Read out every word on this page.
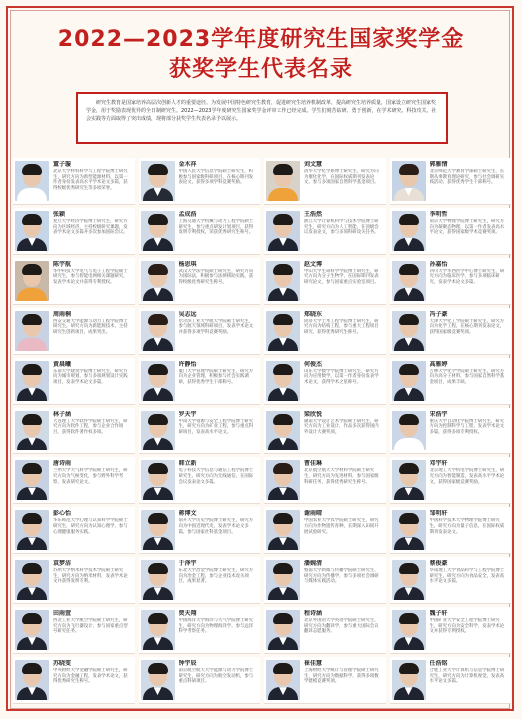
2022—2023学年度研究生国家奖学金
获奖学生代表名录

研究生教育是国家培养高层次创新人才的重要途径。为发展中国特色研究生教育，促进研究生培养机制改革，提高研究生培养质量，国家设立研究生国家奖学金，用于奖励表现优异的全日制研究生。2022—2023学年度研究生国家奖学金评审工作已经完成。学生们刻苦钻研、勇于创新，在学术研究、科技攻关、社会实践等方面取得了突出成绩，现将部分获奖学生代表名录予以展示。

董子璇
北京大学材料科学与工程学院博士研究生，研究方向为新型能源材料，以第一作者身份发表高水平学术论文多篇，获得校级优秀研究生等多项荣誉。
金木祥
中国人民大学信息学院硕士研究生，积极参与国家级科研项目，在核心期刊发表论文，获得多项学科竞赛奖励。
刘文慧
清华大学化学系博士研究生，研究方向为催化化学，在国际权威期刊发表论文，参与多项国家自然科学基金项目。
郭雅情
北京师范大学教育学部硕士研究生，长期从事教育理论研究，参与社会调研实践活动，获得优秀学生干部称号。
张颖
复旦大学经济学院博士研究生，研究方向为区域经济，主持校级研究课题，发表学术论文多篇并多次参加国际会议。
孟成浩
上海交通大学机械与动力工程学院硕士研究生，参与重点研发计划项目，获得发明专利授权，荣获优秀研究生称号。
王浩然
浙江大学计算机科学与技术学院博士研究生，研究方向为人工智能，在顶级会议发表论文，参与多项科研攻关任务。
李明哲
南京大学物理学院博士研究生，研究方向为凝聚态物理，以第一作者发表高水平论文，获得国家级学术竞赛奖项。
陈宇航
华中科技大学电气与电子工程学院硕士研究生，参与智能电网相关课题研究，发表学术论文并获得专利授权。
杨思琪
武汉大学法学院硕士研究生，研究方向为国际法，积极参与法律援助实践，获得校级优秀研究生称号。
赵文博
中山大学生命科学学院博士研究生，研究方向为分子生物学，在国际期刊发表研究论文，参与国家重点实验室项目。
孙嘉怡
四川大学华西医学中心博士研究生，研究方向为临床医学，参与多项临床研究，发表学术论文多篇。
周雨桐
西安交通大学能源与动力工程学院博士研究生，研究方向为新能源技术，主持研究生创新项目，成果突出。
吴志远
哈尔滨工业大学航天学院硕士研究生，参与航天领域科研项目，发表学术论文并获得多项学科竞赛奖励。
郑晓东
同济大学土木工程学院博士研究生，研究方向为结构工程，参与重大工程项目研究，获得优秀研究生称号。
冯子豪
天津大学化工学院硕士研究生，研究方向为化学工程，在核心期刊发表论文，获得国家级竞赛奖项。
黄晨曦
东南大学建筑学院博士研究生，研究方向为城市规划，参与多项规划设计实践项目，发表学术论文多篇。
许静怡
厦门大学管理学院硕士研究生，研究方向为企业管理，积极参与社会实践调研，获得优秀学生干部称号。
何俊杰
山东大学数学学院博士研究生，研究方向为应用数学，以第一作者身份发表学术论文，获得学术之星称号。
高雅婷
吉林大学化学学院硕士研究生，研究方向为高分子材料，参与国家自然科学基金项目，成果丰硕。
林子涵
大连理工大学软件学院硕士研究生，研究方向为软件工程，参与企业合作项目，获得软件著作权多项。
罗天宇
中南大学资源与安全工程学院博士研究生，研究方向为矿业工程，参与重点科研项目，发表高水平论文。
梁欣悦
湖南大学设计艺术学院硕士研究生，研究方向为工业设计，作品多次获得国内外设计大赛奖项。
宋浩宇
重庆大学自动化学院博士研究生，研究方向为控制科学与工程，发表学术论文多篇，获得多项专利授权。
唐诗雨
兰州大学大气科学学院硕士研究生，研究方向为气候变化，参与野外科学考察，发表研究论文。
韩立新
电子科技大学信息与通信工程学院博士研究生，研究方向为无线通信，在国际会议发表论文多篇。
曹佳琳
北京航空航天大学材料学院硕士研究生，研究方向为先进材料，参与国家级科研任务，获得优秀研究生称号。
邓宇轩
北京理工大学机电学院博士研究生，研究方向为智能制造，发表高水平学术论文，获得国家级竞赛奖励。
彭心怡
华东师范大学心理与认知科学学院硕士研究生，研究方向为认知心理学，参与心理健康服务实践。
蒋博文
南开大学历史学院博士研究生，研究方向为中国近现代史，发表学术论文多篇，参与国家社科基金项目。
谢雨晴
中国农业大学农学院硕士研究生，研究方向为作物遗传育种，长期深入田间开展试验研究。
邹明轩
中国科学技术大学物理学院博士研究生，研究方向为量子信息，在国际权威期刊发表论文。
袁梦洁
苏州大学纳米科学技术学院硕士研究生，研究方向为纳米材料，发表学术论文并获得发明专利。
于泽宇
东北大学冶金学院博士研究生，研究方向为冶金工程，参与企业技术攻关项目，成果显著。
潘婉清
暨南大学新闻与传播学院硕士研究生，研究方向为传播学，参与多项社会调研与媒体实践活动。
蔡俊豪
华南理工大学食品科学与工程学院博士研究生，研究方向为食品安全，发表高水平论文多篇。
田雨萱
西北工业大学航空学院硕士研究生，研究方向为飞行器设计，参与国家重点型号研究任务。
贾天翔
中国海洋大学海洋与大气学院博士研究生，研究方向为物理海洋学，参与远洋科学考察任务。
程诗涵
北京外国语大学英语学院硕士研究生，研究方向为翻译学，参与重大国际会议翻译志愿服务。
魏子轩
中国矿业大学安全工程学院博士研究生，研究方向为安全科学，发表学术论文并获得专利授权。
苏晓雯
中央财经大学金融学院硕士研究生，研究方向为金融工程，发表学术论文，获得优秀研究生称号。
钟宇辰
南京航空航天大学能源与动力学院博士研究生，研究方向为航空发动机，参与重点科研项目。
崔佳慧
上海财经大学统计与管理学院硕士研究生，研究方向为数据科学，获得多项数学建模竞赛奖项。
任浩铭
合肥工业大学计算机与信息学院博士研究生，研究方向为计算机视觉，发表高水平论文多篇。
